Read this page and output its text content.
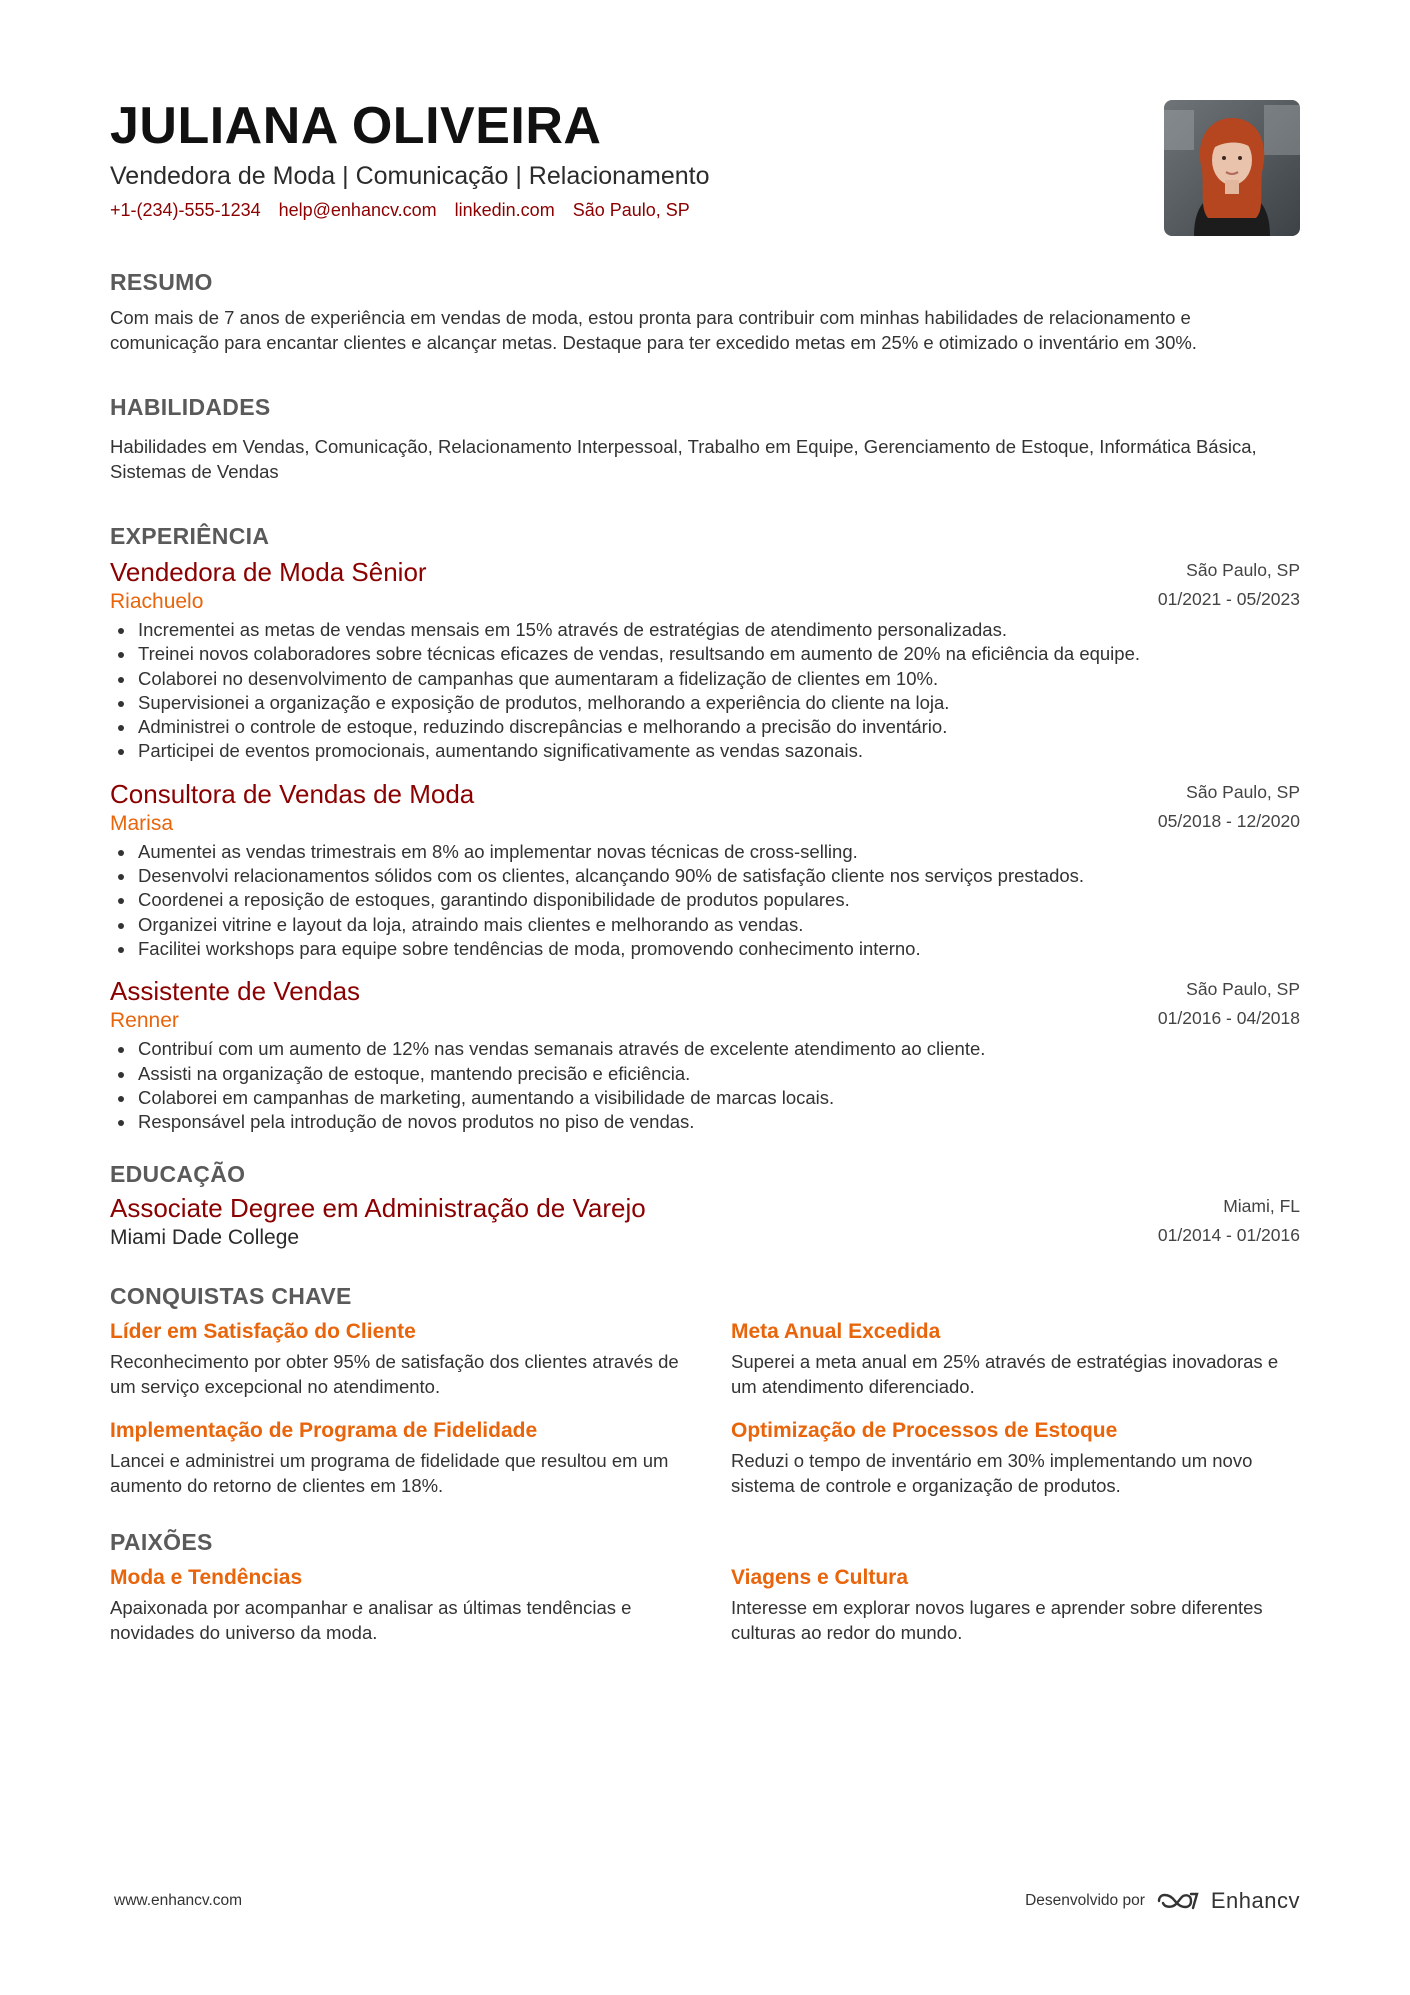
JULIANA OLIVEIRA
Vendedora de Moda | Comunicação | Relacionamento
+1-(234)-555-1234 help@enhancv.com linkedin.com São Paulo, SP
RESUMO
Com mais de 7 anos de experiência em vendas de moda, estou pronta para contribuir com minhas habilidades de relacionamento e comunicação para encantar clientes e alcançar metas. Destaque para ter excedido metas em 25% e otimizado o inventário em 30%.
HABILIDADES
Habilidades em Vendas, Comunicação, Relacionamento Interpessoal, Trabalho em Equipe, Gerenciamento de Estoque, Informática Básica, Sistemas de Vendas
EXPERIÊNCIA
Vendedora de Moda Sênior
Riachuelo
São Paulo, SP
01/2021 - 05/2023
Incrementei as metas de vendas mensais em 15% através de estratégias de atendimento personalizadas.
Treinei novos colaboradores sobre técnicas eficazes de vendas, resultsando em aumento de 20% na eficiência da equipe.
Colaborei no desenvolvimento de campanhas que aumentaram a fidelização de clientes em 10%.
Supervisionei a organização e exposição de produtos, melhorando a experiência do cliente na loja.
Administrei o controle de estoque, reduzindo discrepâncias e melhorando a precisão do inventário.
Participei de eventos promocionais, aumentando significativamente as vendas sazonais.
Consultora de Vendas de Moda
Marisa
São Paulo, SP
05/2018 - 12/2020
Aumentei as vendas trimestrais em 8% ao implementar novas técnicas de cross-selling.
Desenvolvi relacionamentos sólidos com os clientes, alcançando 90% de satisfação cliente nos serviços prestados.
Coordenei a reposição de estoques, garantindo disponibilidade de produtos populares.
Organizei vitrine e layout da loja, atraindo mais clientes e melhorando as vendas.
Facilitei workshops para equipe sobre tendências de moda, promovendo conhecimento interno.
Assistente de Vendas
Renner
São Paulo, SP
01/2016 - 04/2018
Contribuí com um aumento de 12% nas vendas semanais através de excelente atendimento ao cliente.
Assisti na organização de estoque, mantendo precisão e eficiência.
Colaborei em campanhas de marketing, aumentando a visibilidade de marcas locais.
Responsável pela introdução de novos produtos no piso de vendas.
EDUCAÇÃO
Associate Degree em Administração de Varejo
Miami Dade College
Miami, FL
01/2014 - 01/2016
CONQUISTAS CHAVE
Líder em Satisfação do Cliente
Reconhecimento por obter 95% de satisfação dos clientes através de um serviço excepcional no atendimento.
Meta Anual Excedida
Superei a meta anual em 25% através de estratégias inovadoras e um atendimento diferenciado.
Implementação de Programa de Fidelidade
Lancei e administrei um programa de fidelidade que resultou em um aumento do retorno de clientes em 18%.
Optimização de Processos de Estoque
Reduzi o tempo de inventário em 30% implementando um novo sistema de controle e organização de produtos.
PAIXÕES
Moda e Tendências
Apaixonada por acompanhar e analisar as últimas tendências e novidades do universo da moda.
Viagens e Cultura
Interesse em explorar novos lugares e aprender sobre diferentes culturas ao redor do mundo.
www.enhancv.com	Desenvolvido por	Enhancv
